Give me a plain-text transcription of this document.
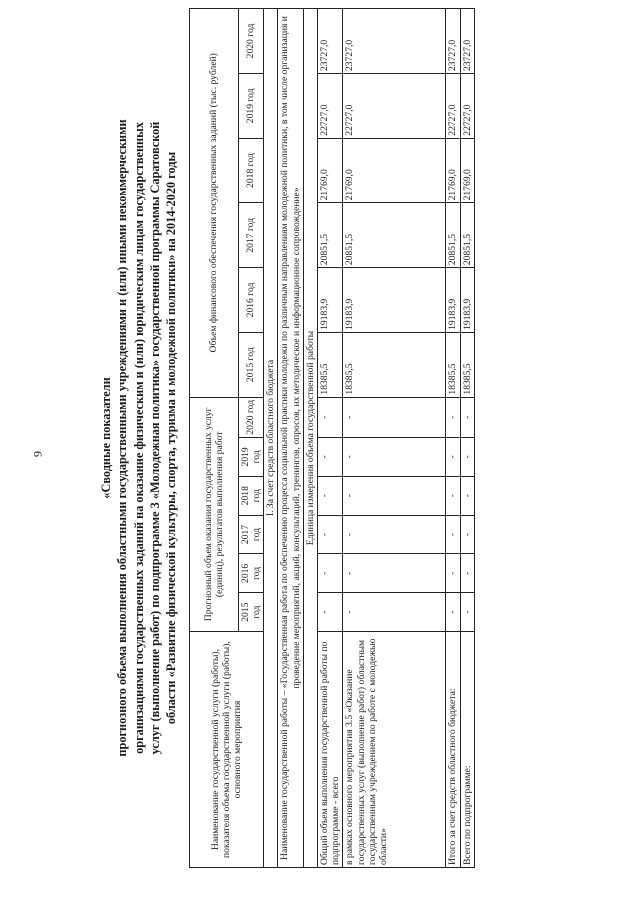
9	«Сводные показатели прогнозного объема выполнения областными государственными учреждениями и (или) иными некоммерческими организациями государственных заданий на оказание физическим и (или) юридическим лицам государственных услуг (выполнение работ) по подпрограмме 3 «Молодежная политика» государственной программы Саратовской области «Развитие физической культуры, спорта, туризма и молодежной политики» на 2014-2020 годы
Наименование государственной услуги (работы), показателя объема государственной услуги (работы), основного мероприятия	Прогнозный объем оказания государственных услуг (единиц), результатов выполнения работ						Объем финансового обеспечения государственных заданий (тыс. рублей)					
	2015 год	2016 год	2017 год	2018 год	2019 год	2020 год	2015 год	2016 год	2017 год	2018 год	2019 год	2020 год
I. За счет средств областного бюджета												
Наименование государственной работы – «Государственная работа по обеспечению процесса социальной практики молодежи по различным направлениям молодежной политики, в том числе организация и проведение мероприятий, акций, консультаций, тренингов, опросов, их методическое и информационное сопровождение»												
Единица измерения объема государственной работы												
Общий объем выполнения государственной работы по подпрограмме - всего	-	-	-	-	-	-	18385,5	19183,9	20851,5	21769,0	22727,0	23727,0
в рамках основного мероприятия 3.5 «Оказание государственных услуг (выполнение работ) областным государственным учреждением по работе с молодежью области»	-	-	-	-	-	-	18385,5	19183,9	20851,5	21769,0	22727,0	23727,0
Итого за счет средств областного бюджета:	-	-	-	-	-	-	18385,5	19183,9	20851,5	21769,0	22727,0	23727,0
Всего по подпрограмме:	-	-	-	-	-	-	18385,5	19183,9	20851,5	21769,0	22727,0	23727,0
